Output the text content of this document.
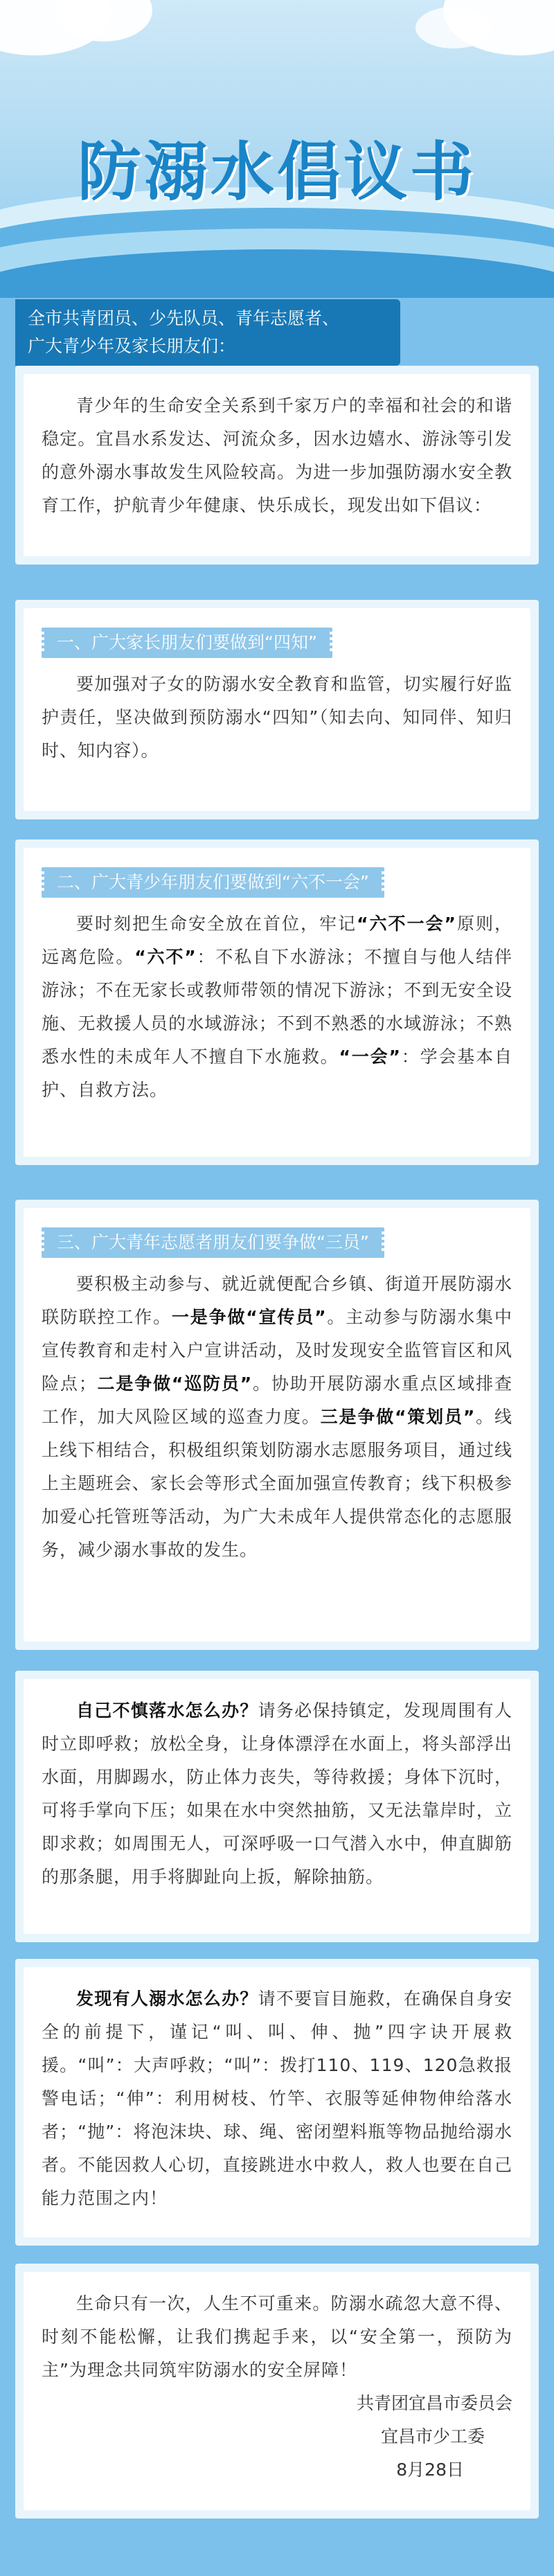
防溺水倡议书
全市共青团员、少先队员、青年志愿者、
广大青少年及家长朋友们：

青少年的生命安全关系到千家万户的幸福和社会的和谐稳定。宜昌水系发达、河流众多，因水边嬉水、游泳等引发的意外溺水事故发生风险较高。为进一步加强防溺水安全教育工作，护航青少年健康、快乐成长，现发出如下倡议：

一、广大家长朋友们要做到“四知”

要加强对子女的防溺水安全教育和监管，切实履行好监护责任，坚决做到预防溺水“四知”（知去向、知同伴、知归时、知内容）。

二、广大青少年朋友们要做到“六不一会”

要时刻把生命安全放在首位，牢记“六不一会”原则，远离危险。“六不”：不私自下水游泳；不擅自与他人结伴游泳；不在无家长或教师带领的情况下游泳；不到无安全设施、无救援人员的水域游泳；不到不熟悉的水域游泳；不熟悉水性的未成年人不擅自下水施救。“一会”：学会基本自护、自救方法。

三、广大青年志愿者朋友们要争做“三员”

要积极主动参与、就近就便配合乡镇、街道开展防溺水联防联控工作。一是争做“宣传员”。主动参与防溺水集中宣传教育和走村入户宣讲活动，及时发现安全监管盲区和风险点；二是争做“巡防员”。协助开展防溺水重点区域排查工作，加大风险区域的巡查力度。三是争做“策划员”。线上线下相结合，积极组织策划防溺水志愿服务项目，通过线上主题班会、家长会等形式全面加强宣传教育；线下积极参加爱心托管班等活动，为广大未成年人提供常态化的志愿服务，减少溺水事故的发生。

自己不慎落水怎么办？请务必保持镇定，发现周围有人时立即呼救；放松全身，让身体漂浮在水面上，将头部浮出水面，用脚踢水，防止体力丧失，等待救援；身体下沉时，可将手掌向下压；如果在水中突然抽筋，又无法靠岸时，立即求救；如周围无人，可深呼吸一口气潜入水中，伸直脚筋的那条腿，用手将脚趾向上扳，解除抽筋。

发现有人溺水怎么办？请不要盲目施救，在确保自身安全的前提下，谨记“叫、叫、伸、抛”四字诀开展救援。“叫”：大声呼救；“叫”：拨打110、119、120急救报警电话；“伸”：利用树枝、竹竿、衣服等延伸物伸给落水者；“抛”：将泡沫块、球、绳、密闭塑料瓶等物品抛给溺水者。不能因救人心切，直接跳进水中救人，救人也要在自己能力范围之内！

生命只有一次，人生不可重来。防溺水疏忽大意不得、时刻不能松懈，让我们携起手来，以“安全第一，预防为主”为理念共同筑牢防溺水的安全屏障！

共青团宜昌市委员会
宜昌市少工委
8月28日
